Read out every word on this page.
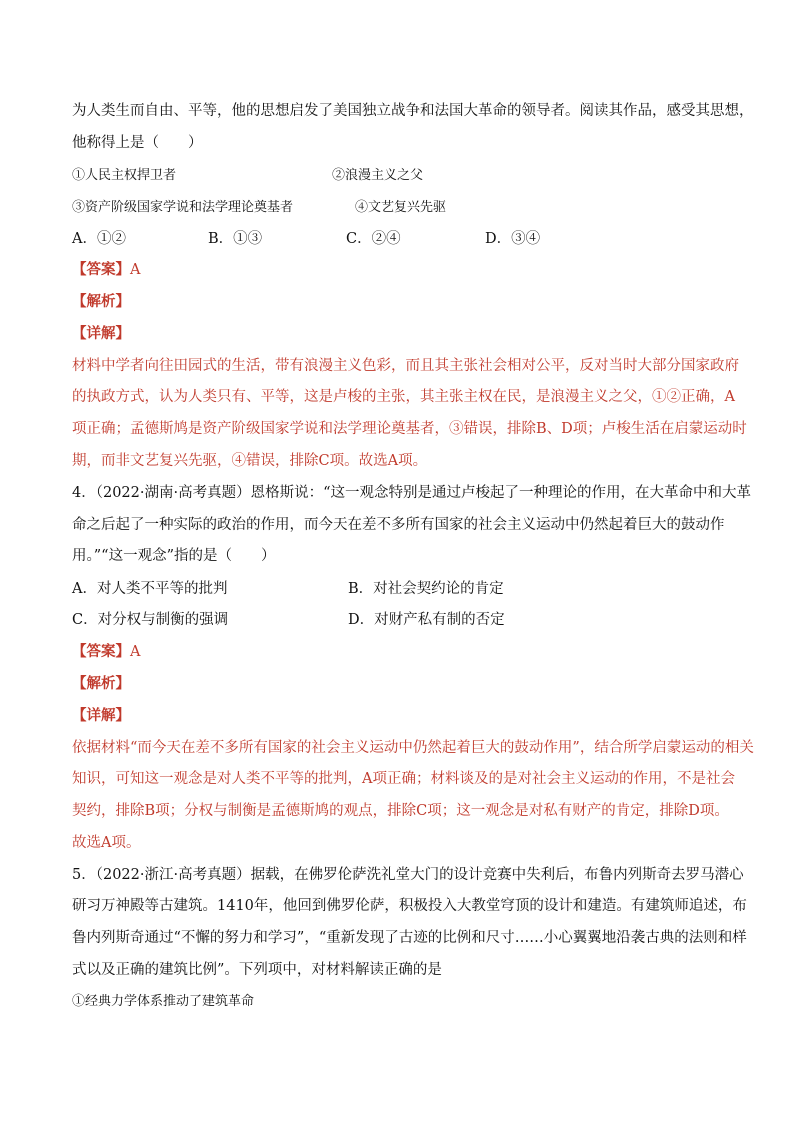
为人类生而自由、平等，他的思想启发了美国独立战争和法国大革命的领导者。阅读其作品，感受其思想，

他称得上是（　　）

①人民主权捍卫者	②浪漫主义之父

③资产阶级国家学说和法学理论奠基者	④文艺复兴先驱

A．①②	B．①③	C．②④	D．③④

【答案】A

【解析】

【详解】

材料中学者向往田园式的生活，带有浪漫主义色彩，而且其主张社会相对公平，反对当时大部分国家政府

的执政方式，认为人类只有、平等，这是卢梭的主张，其主张主权在民，是浪漫主义之父，①②正确，A

项正确；孟德斯鸠是资产阶级国家学说和法学理论奠基者，③错误，排除B、D项；卢梭生活在启蒙运动时

期，而非文艺复兴先驱，④错误，排除C项。故选A项。

4．（2022·湖南·高考真题）恩格斯说：“这一观念特别是通过卢梭起了一种理论的作用，在大革命中和大革

命之后起了一种实际的政治的作用，而今天在差不多所有国家的社会主义运动中仍然起着巨大的鼓动作

用。”“这一观念”指的是（　　）

A．对人类不平等的批判	B．对社会契约论的肯定

C．对分权与制衡的强调	D．对财产私有制的否定

【答案】A

【解析】

【详解】

依据材料“而今天在差不多所有国家的社会主义运动中仍然起着巨大的鼓动作用”，结合所学启蒙运动的相关

知识，可知这一观念是对人类不平等的批判，A项正确；材料谈及的是对社会主义运动的作用，不是社会

契约，排除B项；分权与制衡是孟德斯鸠的观点，排除C项；这一观念是对私有财产的肯定，排除D项。

故选A项。

5．（2022·浙江·高考真题）据载，在佛罗伦萨洗礼堂大门的设计竞赛中失利后，布鲁内列斯奇去罗马潜心

研习万神殿等古建筑。1410年，他回到佛罗伦萨，积极投入大教堂穹顶的设计和建造。有建筑师追述，布

鲁内列斯奇通过“不懈的努力和学习”，“重新发现了古迹的比例和尺寸……小心翼翼地沿袭古典的法则和样

式以及正确的建筑比例”。下列项中，对材料解读正确的是

①经典力学体系推动了建筑革命
